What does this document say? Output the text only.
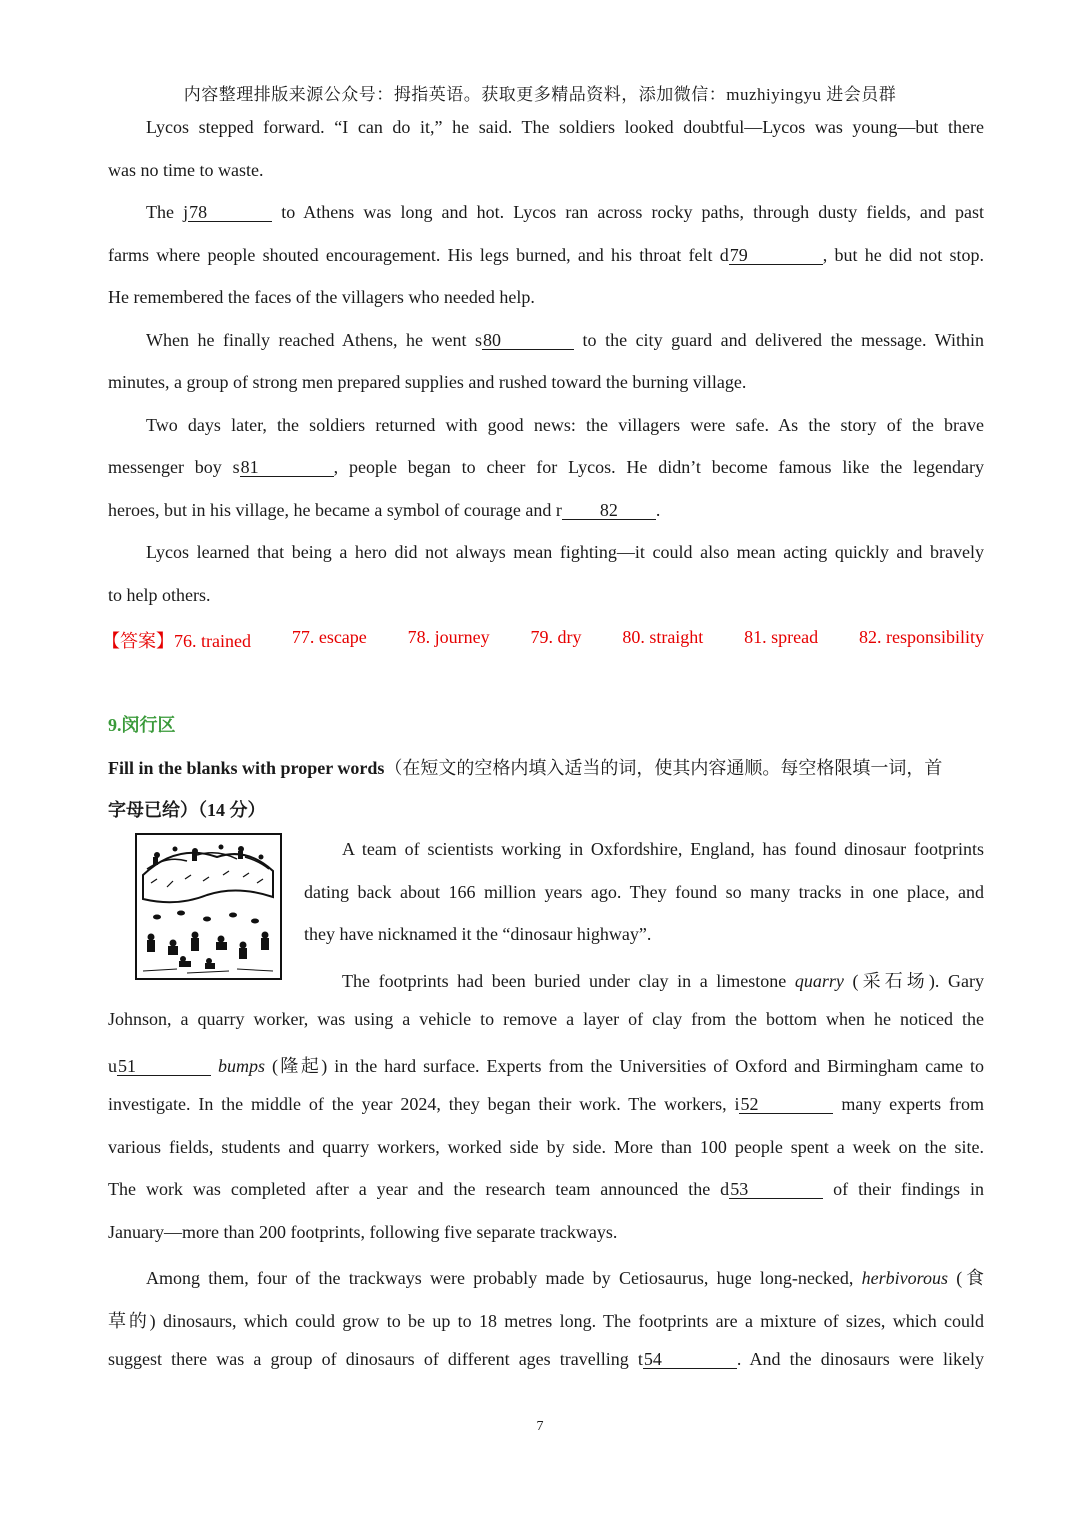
内容整理排版来源公众号：拇指英语。获取更多精品资料，添加微信：muzhiyingyu 进会员群
Lycos stepped forward. “I can do it,” he said. The soldiers looked doubtful—Lycos was young—but there
was no time to waste.
The j78	to Athens was long and hot. Lycos ran across rocky paths, through dusty fields, and past
farms where people shouted encouragement. His legs burned, and his throat felt d79	, but he did not stop.
He remembered the faces of the villagers who needed help.
When he finally reached Athens, he went s80	to the city guard and delivered the message. Within
minutes, a group of strong men prepared supplies and rushed toward the burning village.
Two days later, the soldiers returned with good news: the villagers were safe. As the story of the brave
messenger boy s81	, people began to cheer for Lycos. He didn’t become famous like the legendary
heroes, but in his village, he became a symbol of courage and r 82 .
Lycos learned that being a hero did not always mean fighting—it could also mean acting quickly and bravely
to help others.
【答案】76. trained 77. escape 78. journey 79. dry 80. straight 81. spread 82. responsibility
9.闵行区
Fill in the blanks with proper words（在短文的空格内填入适当的词，使其内容通顺。每空格限填一词，首
字母已给）（14 分）
A team of scientists working in Oxfordshire, England, has found dinosaur footprints
dating back about 166 million years ago. They found so many tracks in one place, and
they have nicknamed it the “dinosaur highway”.
The footprints had been buried under clay in a limestone quarry (采石场). Gary
Johnson, a quarry worker, was using a vehicle to remove a layer of clay from the bottom when he noticed the
u51	bumps (隆起) in the hard surface. Experts from the Universities of Oxford and Birmingham came to
investigate. In the middle of the year 2024, they began their work. The workers, i52	many experts from
various fields, students and quarry workers, worked side by side. More than 100 people spent a week on the site.
The work was completed after a year and the research team announced the d53	of their findings in
January—more than 200 footprints, following five separate trackways.
Among them, four of the trackways were probably made by Cetiosaurus, huge long-necked, herbivorous (食
草的) dinosaurs, which could grow to be up to 18 metres long. The footprints are a mixture of sizes, which could
suggest there was a group of dinosaurs of different ages travelling t54	. And the dinosaurs were likely
7
